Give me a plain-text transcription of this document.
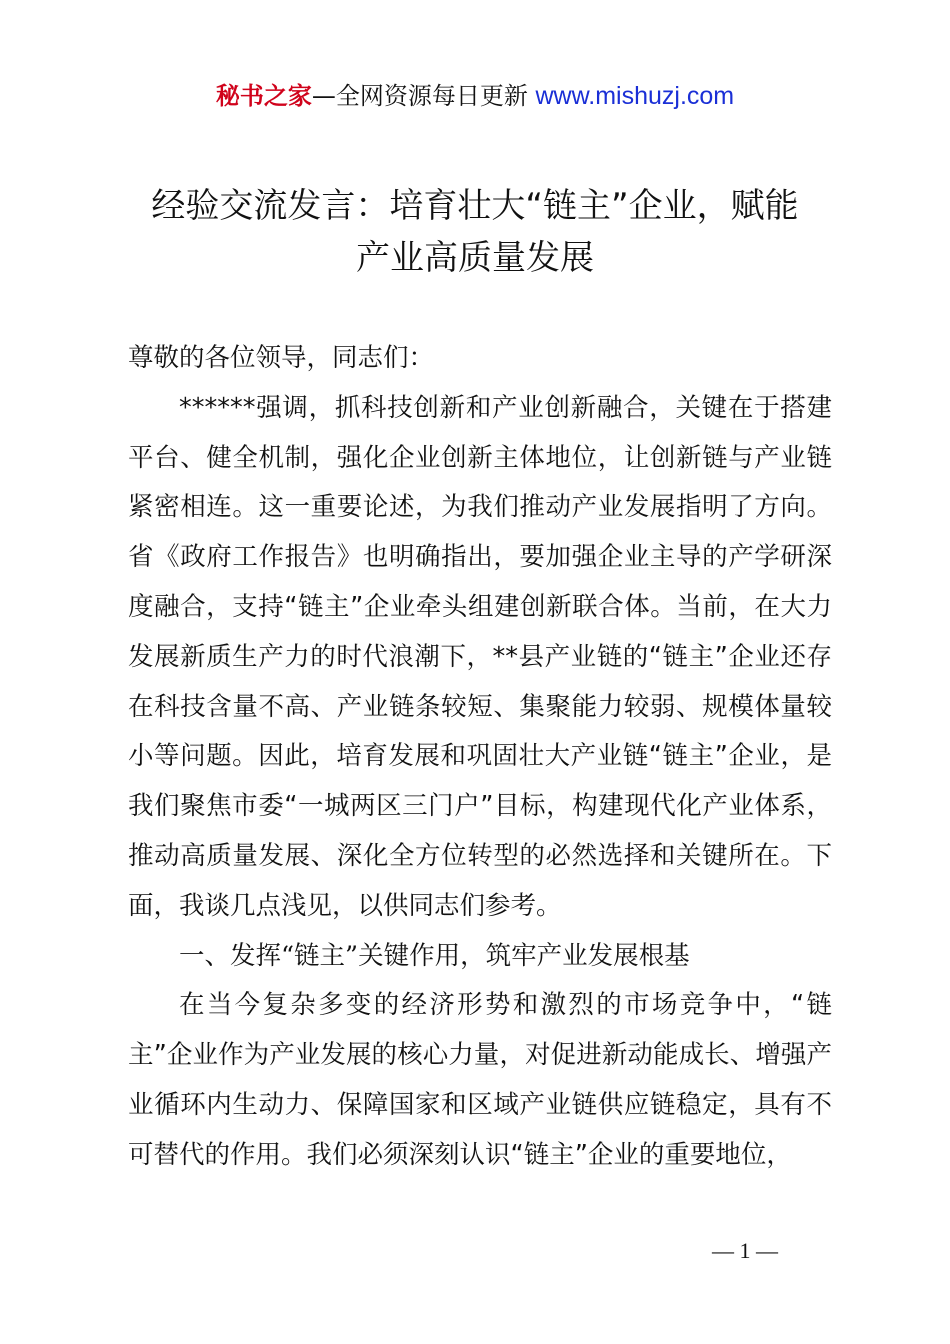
秘书之家—全网资源每日更新 www.mishuzj.com
经验交流发言：培育壮大“链主”企业，赋能
产业高质量发展

尊敬的各位领导，同志们：

******强调，抓科技创新和产业创新融合，关键在于搭建平台、健全机制，强化企业创新主体地位，让创新链与产业链紧密相连。这一重要论述，为我们推动产业发展指明了方向。省《政府工作报告》也明确指出，要加强企业主导的产学研深度融合，支持“链主”企业牵头组建创新联合体。当前，在大力发展新质生产力的时代浪潮下，**县产业链的“链主”企业还存在科技含量不高、产业链条较短、集聚能力较弱、规模体量较小等问题。因此，培育发展和巩固壮大产业链“链主”企业，是我们聚焦市委“一城两区三门户”目标，构建现代化产业体系，推动高质量发展、深化全方位转型的必然选择和关键所在。下面，我谈几点浅见，以供同志们参考。

一、发挥“链主”关键作用，筑牢产业发展根基

在当今复杂多变的经济形势和激烈的市场竞争中，“链主”企业作为产业发展的核心力量，对促进新动能成长、增强产业循环内生动力、保障国家和区域产业链供应链稳定，具有不可替代的作用。我们必须深刻认识“链主”企业的重要地位，

— 1 —
